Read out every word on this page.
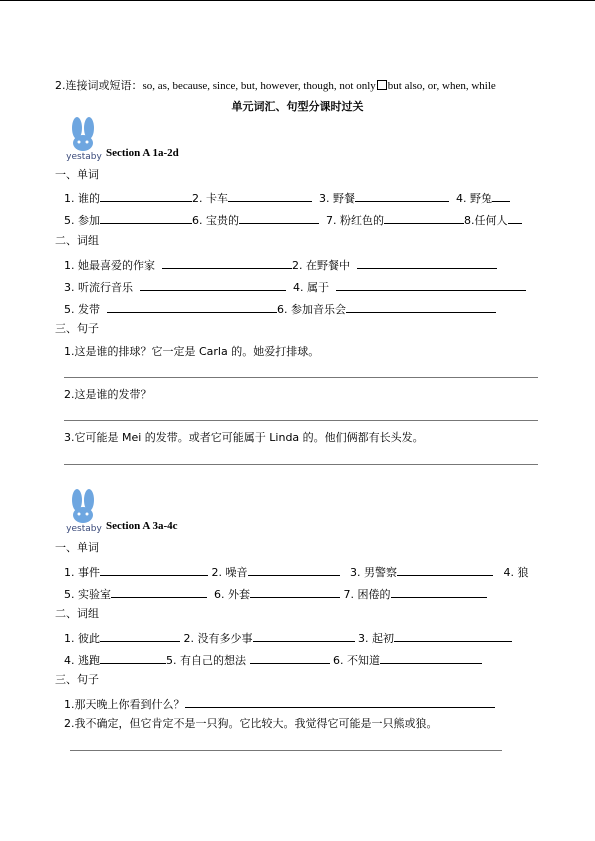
2.连接词或短语：so, as, because, since, but, however, though, not only but also, or, when, while
单元词汇、句型分课时过关
yestaby Section A 1a-2d
一、单词
1. 谁的	2. 卡车	3. 野餐	4. 野兔
5. 参加	6. 宝贵的	7. 粉红色的	8.任何人
二、词组
1. 她最喜爱的作家	2. 在野餐中
3. 听流行音乐	4. 属于
5. 发带	6. 参加音乐会
三、句子
1.这是谁的排球？它一定是 Carla 的。她爱打排球。
2.这是谁的发带？
3.它可能是 Mei 的发带。或者它可能属于 Linda 的。他们俩都有长头发。
yestaby Section A 3a-4c
一、单词
1. 事件	2. 噪音	3. 男警察	4. 狼
5. 实验室	6. 外套	7. 困倦的
二、词组
1. 彼此	2. 没有多少事	3. 起初
4. 逃跑	5. 有自己的想法	6. 不知道
三、句子
1.那天晚上你看到什么？
2.我不确定，但它肯定不是一只狗。它比较大。我觉得它可能是一只熊或狼。
